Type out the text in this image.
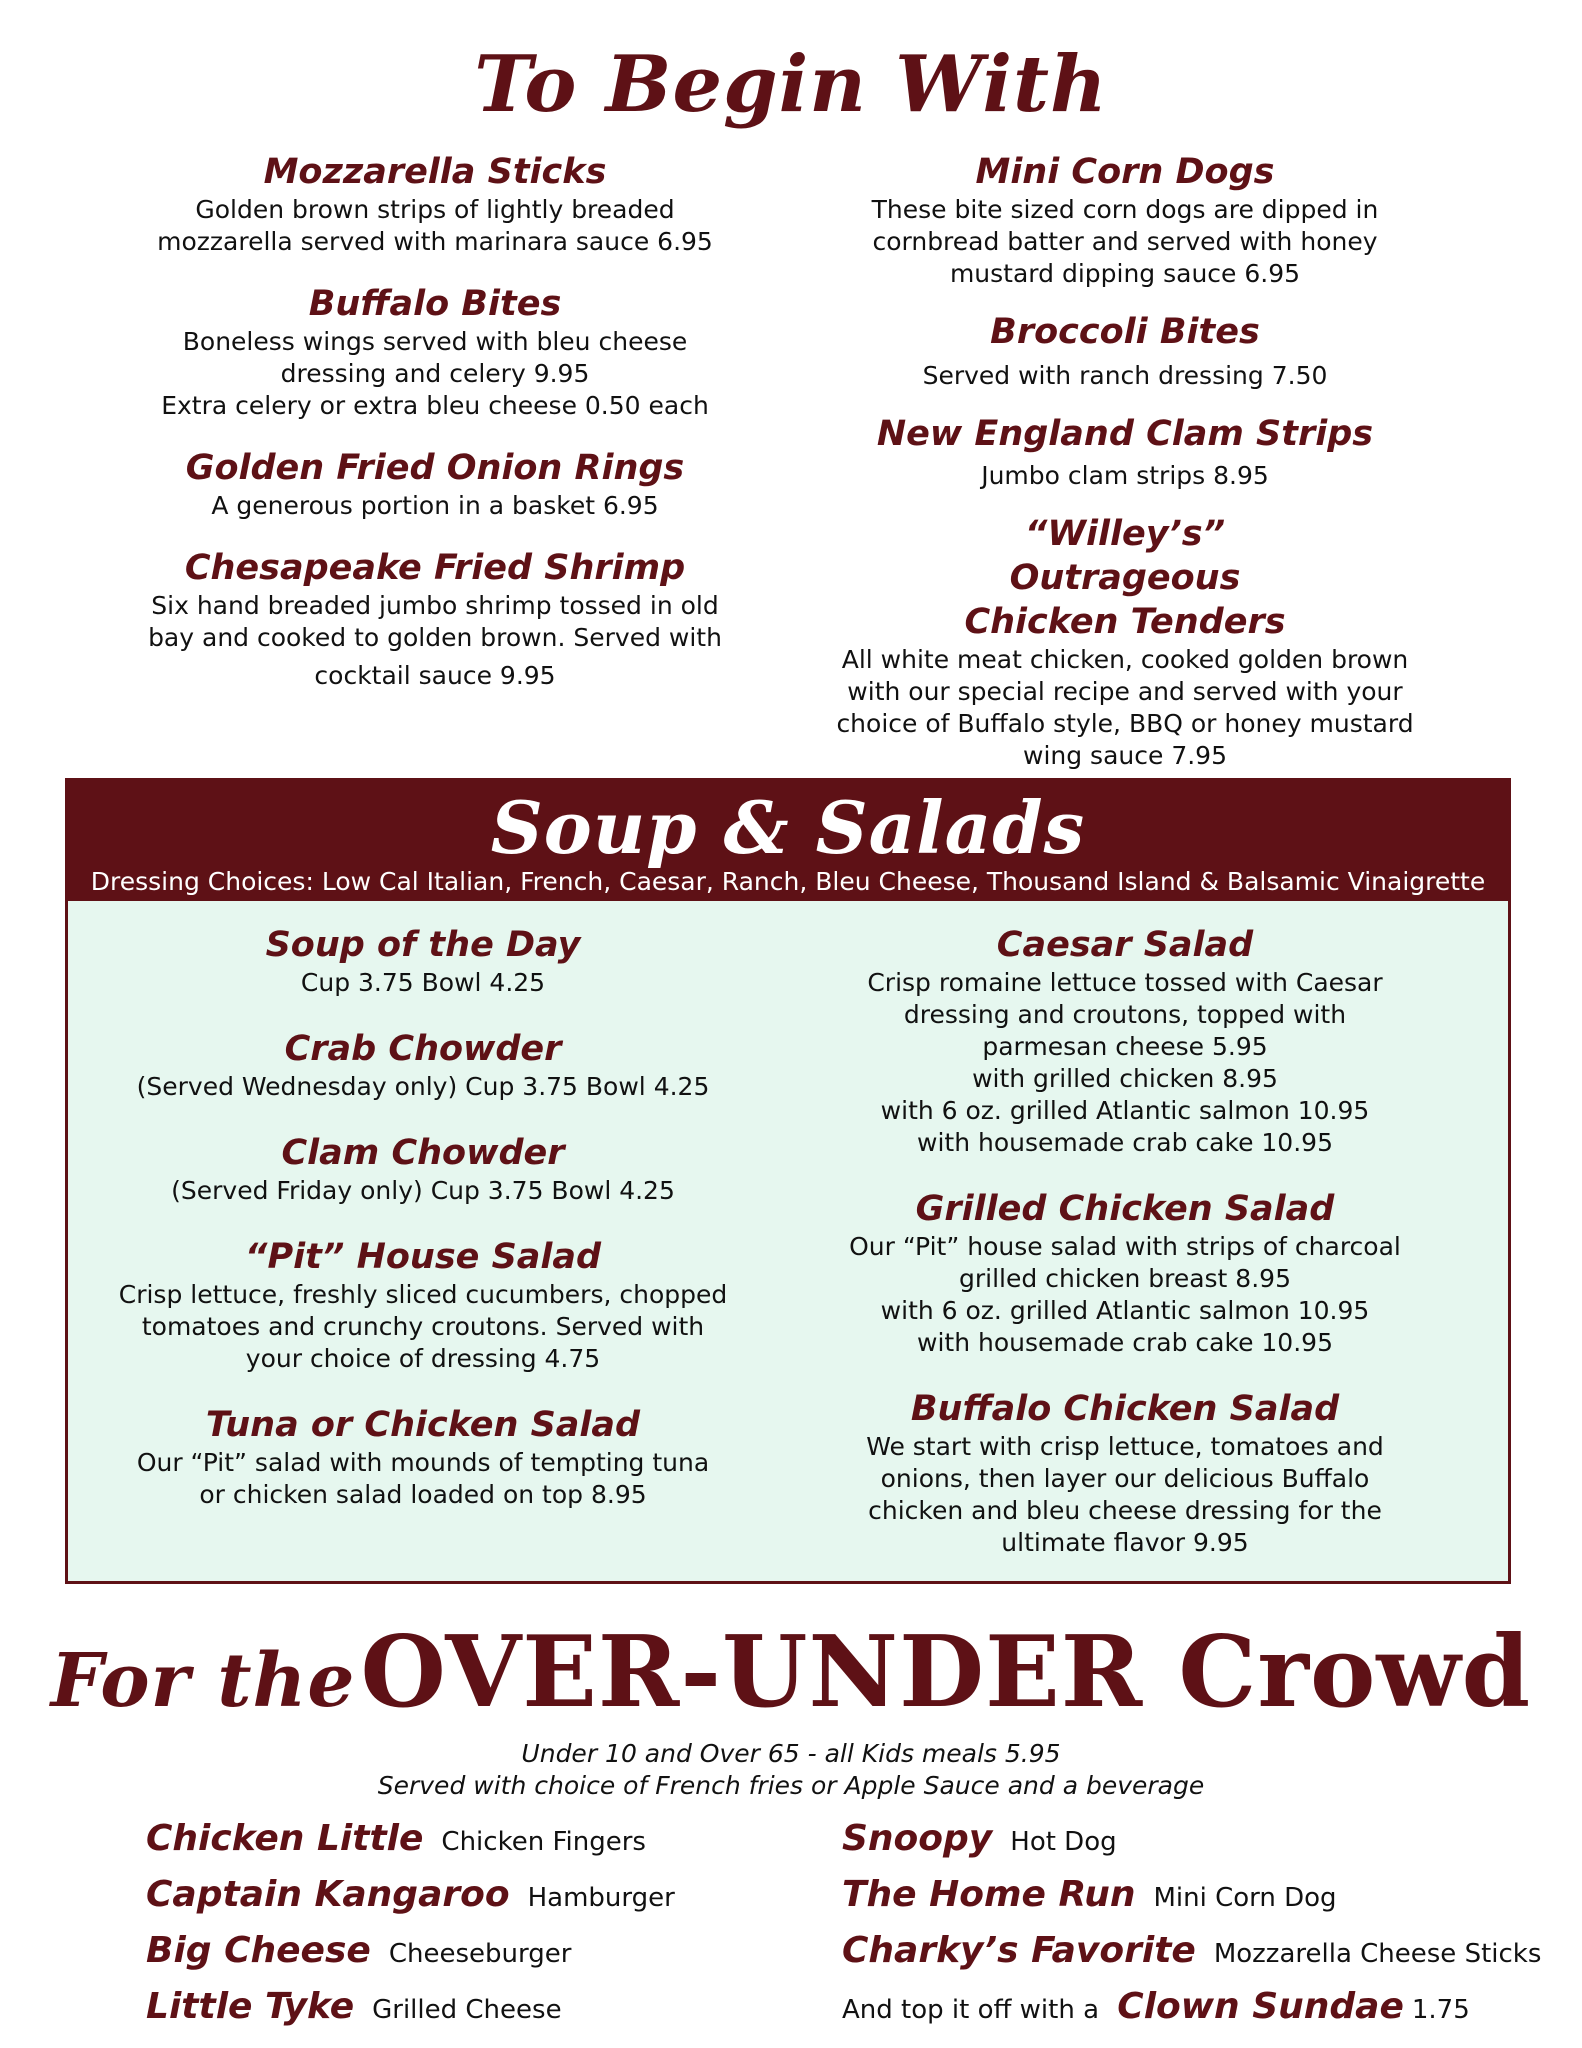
To Begin With
Mozzarella Sticks
Golden brown strips of lightly breaded
mozzarella served with marinara sauce 6.95
Buffalo Bites
Boneless wings served with bleu cheese
dressing and celery 9.95
Extra celery or extra bleu cheese 0.50 each
Golden Fried Onion Rings
A generous portion in a basket 6.95
Chesapeake Fried Shrimp
Six hand breaded jumbo shrimp tossed in old
bay and cooked to golden brown. Served with
cocktail sauce 9.95
Mini Corn Dogs
These bite sized corn dogs are dipped in
cornbread batter and served with honey
mustard dipping sauce 6.95
Broccoli Bites
Served with ranch dressing 7.50
New England Clam Strips
Jumbo clam strips 8.95
“Willey’s” Outrageous Chicken Tenders
All white meat chicken, cooked golden brown
with our special recipe and served with your
choice of Buffalo style, BBQ or honey mustard
wing sauce 7.95
Soup & Salads
Dressing Choices: Low Cal Italian, French, Caesar, Ranch, Bleu Cheese, Thousand Island & Balsamic Vinaigrette
Soup of the Day
Cup 3.75 Bowl 4.25
Crab Chowder
(Served Wednesday only) Cup 3.75 Bowl 4.25
Clam Chowder
(Served Friday only) Cup 3.75 Bowl 4.25
“Pit” House Salad
Crisp lettuce, freshly sliced cucumbers, chopped
tomatoes and crunchy croutons. Served with
your choice of dressing 4.75
Tuna or Chicken Salad
Our “Pit” salad with mounds of tempting tuna
or chicken salad loaded on top 8.95
Caesar Salad
Crisp romaine lettuce tossed with Caesar
dressing and croutons, topped with
parmesan cheese 5.95
with grilled chicken 8.95
with 6 oz. grilled Atlantic salmon 10.95
with housemade crab cake 10.95
Grilled Chicken Salad
Our “Pit” house salad with strips of charcoal
grilled chicken breast 8.95
with 6 oz. grilled Atlantic salmon 10.95
with housemade crab cake 10.95
Buffalo Chicken Salad
We start with crisp lettuce, tomatoes and
onions, then layer our delicious Buffalo
chicken and bleu cheese dressing for the
ultimate flavor 9.95
For the OVER-UNDER Crowd
Under 10 and Over 65 - all Kids meals 5.95
Served with choice of French fries or Apple Sauce and a beverage
Chicken Little Chicken Fingers
Captain Kangaroo Hamburger
Big Cheese Cheeseburger
Little Tyke Grilled Cheese
Snoopy Hot Dog
The Home Run Mini Corn Dog
Charky’s Favorite Mozzarella Cheese Sticks
And top it off with a Clown Sundae 1.75
